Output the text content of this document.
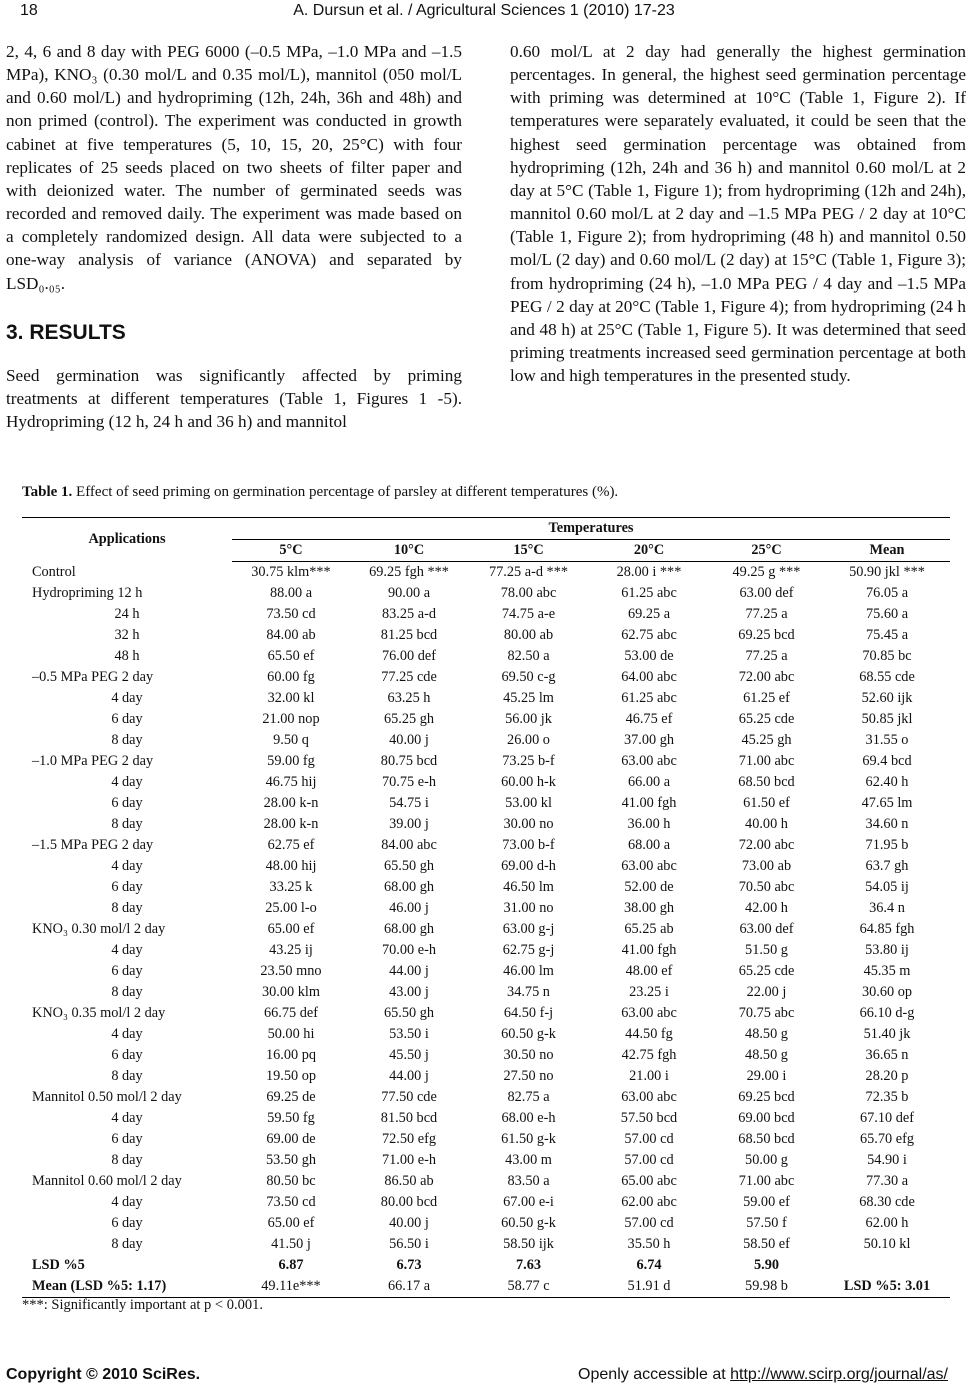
18	A. Dursun et al. / Agricultural Sciences 1 (2010) 17-23

2, 4, 6 and 8 day with PEG 6000 (–0.5 MPa, –1.0 MPa and –1.5 MPa), KNO₃ (0.30 mol/L and 0.35 mol/L), mannitol (050 mol/L and 0.60 mol/L) and hydropriming (12h, 24h, 36h and 48h) and non primed (control). The experiment was conducted in growth cabinet at five temperatures (5, 10, 15, 20, 25°C) with four replicates of 25 seeds placed on two sheets of filter paper and with deionized water. The number of germinated seeds was recorded and removed daily. The experiment was made based on a completely randomized design. All data were subjected to a one-way analysis of variance (ANOVA) and separated by LSD₀.₀₅.

3. RESULTS

Seed germination was significantly affected by priming treatments at different temperatures (Table 1, Figures 1 -5). Hydropriming (12 h, 24 h and 36 h) and mannitol

0.60 mol/L at 2 day had generally the highest germination percentages. In general, the highest seed germination percentage with priming was determined at 10°C (Table 1, Figure 2). If temperatures were separately evaluated, it could be seen that the highest seed germination percentage was obtained from hydropriming (12h, 24h and 36 h) and mannitol 0.60 mol/L at 2 day at 5°C (Table 1, Figure 1); from hydropriming (12h and 24h), mannitol 0.60 mol/L at 2 day and –1.5 MPa PEG / 2 day at 10°C (Table 1, Figure 2); from hydropriming (48 h) and mannitol 0.50 mol/L (2 day) and 0.60 mol/L (2 day) at 15°C (Table 1, Figure 3); from hydropriming (24 h), –1.0 MPa PEG / 4 day and –1.5 MPa PEG / 2 day at 20°C (Table 1, Figure 4); from hydropriming (24 h and 48 h) at 25°C (Table 1, Figure 5). It was determined that seed priming treatments increased seed germination percentage at both low and high temperatures in the presented study.

Table 1. Effect of seed priming on germination percentage of parsley at different temperatures (%).
Applications	Temperatures					
	5°C	10°C	15°C	20°C	25°C	Mean
Control	30.75 klm***	69.25 fgh ***	77.25 a-d ***	28.00 i ***	49.25 g ***	50.90 jkl ***
Hydropriming 12 h	88.00 a	90.00 a	78.00 abc	61.25 abc	63.00 def	76.05 a
24 h	73.50 cd	83.25 a-d	74.75 a-e	69.25 a	77.25 a	75.60 a
32 h	84.00 ab	81.25 bcd	80.00 ab	62.75 abc	69.25 bcd	75.45 a
48 h	65.50 ef	76.00 def	82.50 a	53.00 de	77.25 a	70.85 bc
–0.5 MPa PEG 2 day	60.00 fg	77.25 cde	69.50 c-g	64.00 abc	72.00 abc	68.55 cde
4 day	32.00 kl	63.25 h	45.25 lm	61.25 abc	61.25 ef	52.60 ijk
6 day	21.00 nop	65.25 gh	56.00 jk	46.75 ef	65.25 cde	50.85 jkl
8 day	9.50 q	40.00 j	26.00 o	37.00 gh	45.25 gh	31.55 o
–1.0 MPa PEG 2 day	59.00 fg	80.75 bcd	73.25 b-f	63.00 abc	71.00 abc	69.4 bcd
4 day	46.75 hij	70.75 e-h	60.00 h-k	66.00 a	68.50 bcd	62.40 h
6 day	28.00 k-n	54.75 i	53.00 kl	41.00 fgh	61.50 ef	47.65 lm
8 day	28.00 k-n	39.00 j	30.00 no	36.00 h	40.00 h	34.60 n
–1.5 MPa PEG 2 day	62.75 ef	84.00 abc	73.00 b-f	68.00 a	72.00 abc	71.95 b
4 day	48.00 hij	65.50 gh	69.00 d-h	63.00 abc	73.00 ab	63.7 gh
6 day	33.25 k	68.00 gh	46.50 lm	52.00 de	70.50 abc	54.05 ij
8 day	25.00 l-o	46.00 j	31.00 no	38.00 gh	42.00 h	36.4 n
KNO₃ 0.30 mol/l 2 day	65.00 ef	68.00 gh	63.00 g-j	65.25 ab	63.00 def	64.85 fgh
4 day	43.25 ij	70.00 e-h	62.75 g-j	41.00 fgh	51.50 g	53.80 ij
6 day	23.50 mno	44.00 j	46.00 lm	48.00 ef	65.25 cde	45.35 m
8 day	30.00 klm	43.00 j	34.75 n	23.25 i	22.00 j	30.60 op
KNO₃ 0.35 mol/l 2 day	66.75 def	65.50 gh	64.50 f-j	63.00 abc	70.75 abc	66.10 d-g
4 day	50.00 hi	53.50 i	60.50 g-k	44.50 fg	48.50 g	51.40 jk
6 day	16.00 pq	45.50 j	30.50 no	42.75 fgh	48.50 g	36.65 n
8 day	19.50 op	44.00 j	27.50 no	21.00 i	29.00 i	28.20 p
Mannitol 0.50 mol/l 2 day	69.25 de	77.50 cde	82.75 a	63.00 abc	69.25 bcd	72.35 b
4 day	59.50 fg	81.50 bcd	68.00 e-h	57.50 bcd	69.00 bcd	67.10 def
6 day	69.00 de	72.50 efg	61.50 g-k	57.00 cd	68.50 bcd	65.70 efg
8 day	53.50 gh	71.00 e-h	43.00 m	57.00 cd	50.00 g	54.90 i
Mannitol 0.60 mol/l 2 day	80.50 bc	86.50 ab	83.50 a	65.00 abc	71.00 abc	77.30 a
4 day	73.50 cd	80.00 bcd	67.00 e-i	62.00 abc	59.00 ef	68.30 cde
6 day	65.00 ef	40.00 j	60.50 g-k	57.00 cd	57.50 f	62.00 h
8 day	41.50 j	56.50 i	58.50 ijk	35.50 h	58.50 ef	50.10 kl
LSD %5	6.87	6.73	7.63	6.74	5.90	
Mean (LSD %5: 1.17)	49.11e***	66.17 a	58.77 c	51.91 d	59.98 b	LSD %5: 3.01
***: Significantly important at p < 0.001.
Copyright © 2010 SciRes.	Openly accessible at http://www.scirp.org/journal/as/
